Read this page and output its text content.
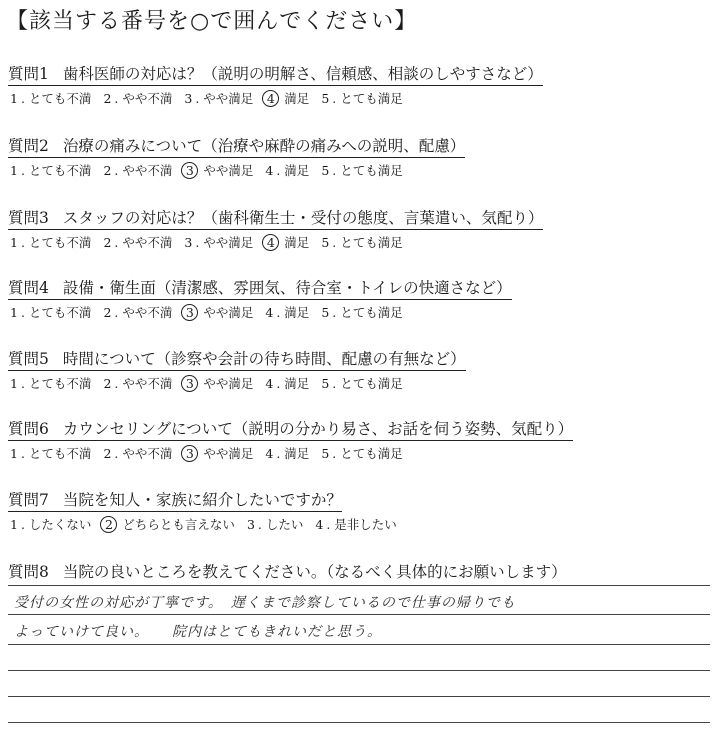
【該当する番号を○で囲んでください】
質問1 歯科医師の対応は？（説明の明解さ、信頼感、相談のしやすさなど）
1 . とても不満 2 . やや不満 3 . やや満足 4 満足 5 . とても満足
質問2 治療の痛みについて（治療や麻酔の痛みへの説明、配慮）
1 . とても不満 2 . やや不満 3 やや満足 4 . 満足 5 . とても満足
質問3 スタッフの対応は？（歯科衛生士・受付の態度、言葉遣い、気配り）
1 . とても不満 2 . やや不満 3 . やや満足 4 満足 5 . とても満足
質問4 設備・衛生面（清潔感、雰囲気、待合室・トイレの快適さなど）
1 . とても不満 2 . やや不満 3 やや満足 4 . 満足 5 . とても満足
質問5 時間について（診察や会計の待ち時間、配慮の有無など）
1 . とても不満 2 . やや不満 3 やや満足 4 . 満足 5 . とても満足
質問6 カウンセリングについて（説明の分かり易さ、お話を伺う姿勢、気配り）
1 . とても不満 2 . やや不満 3 やや満足 4 . 満足 5 . とても満足
質問7 当院を知人・家族に紹介したいですか？
1 . したくない 2 どちらとも言えない 3 . したい 4 . 是非したい
質問8 当院の良いところを教えてください。（なるべく具体的にお願いします）
受付の女性の対応が丁寧です。　遅くまで診察しているので仕事の帰りでも
よっていけて良い。　　院内はとてもきれいだと思う。
